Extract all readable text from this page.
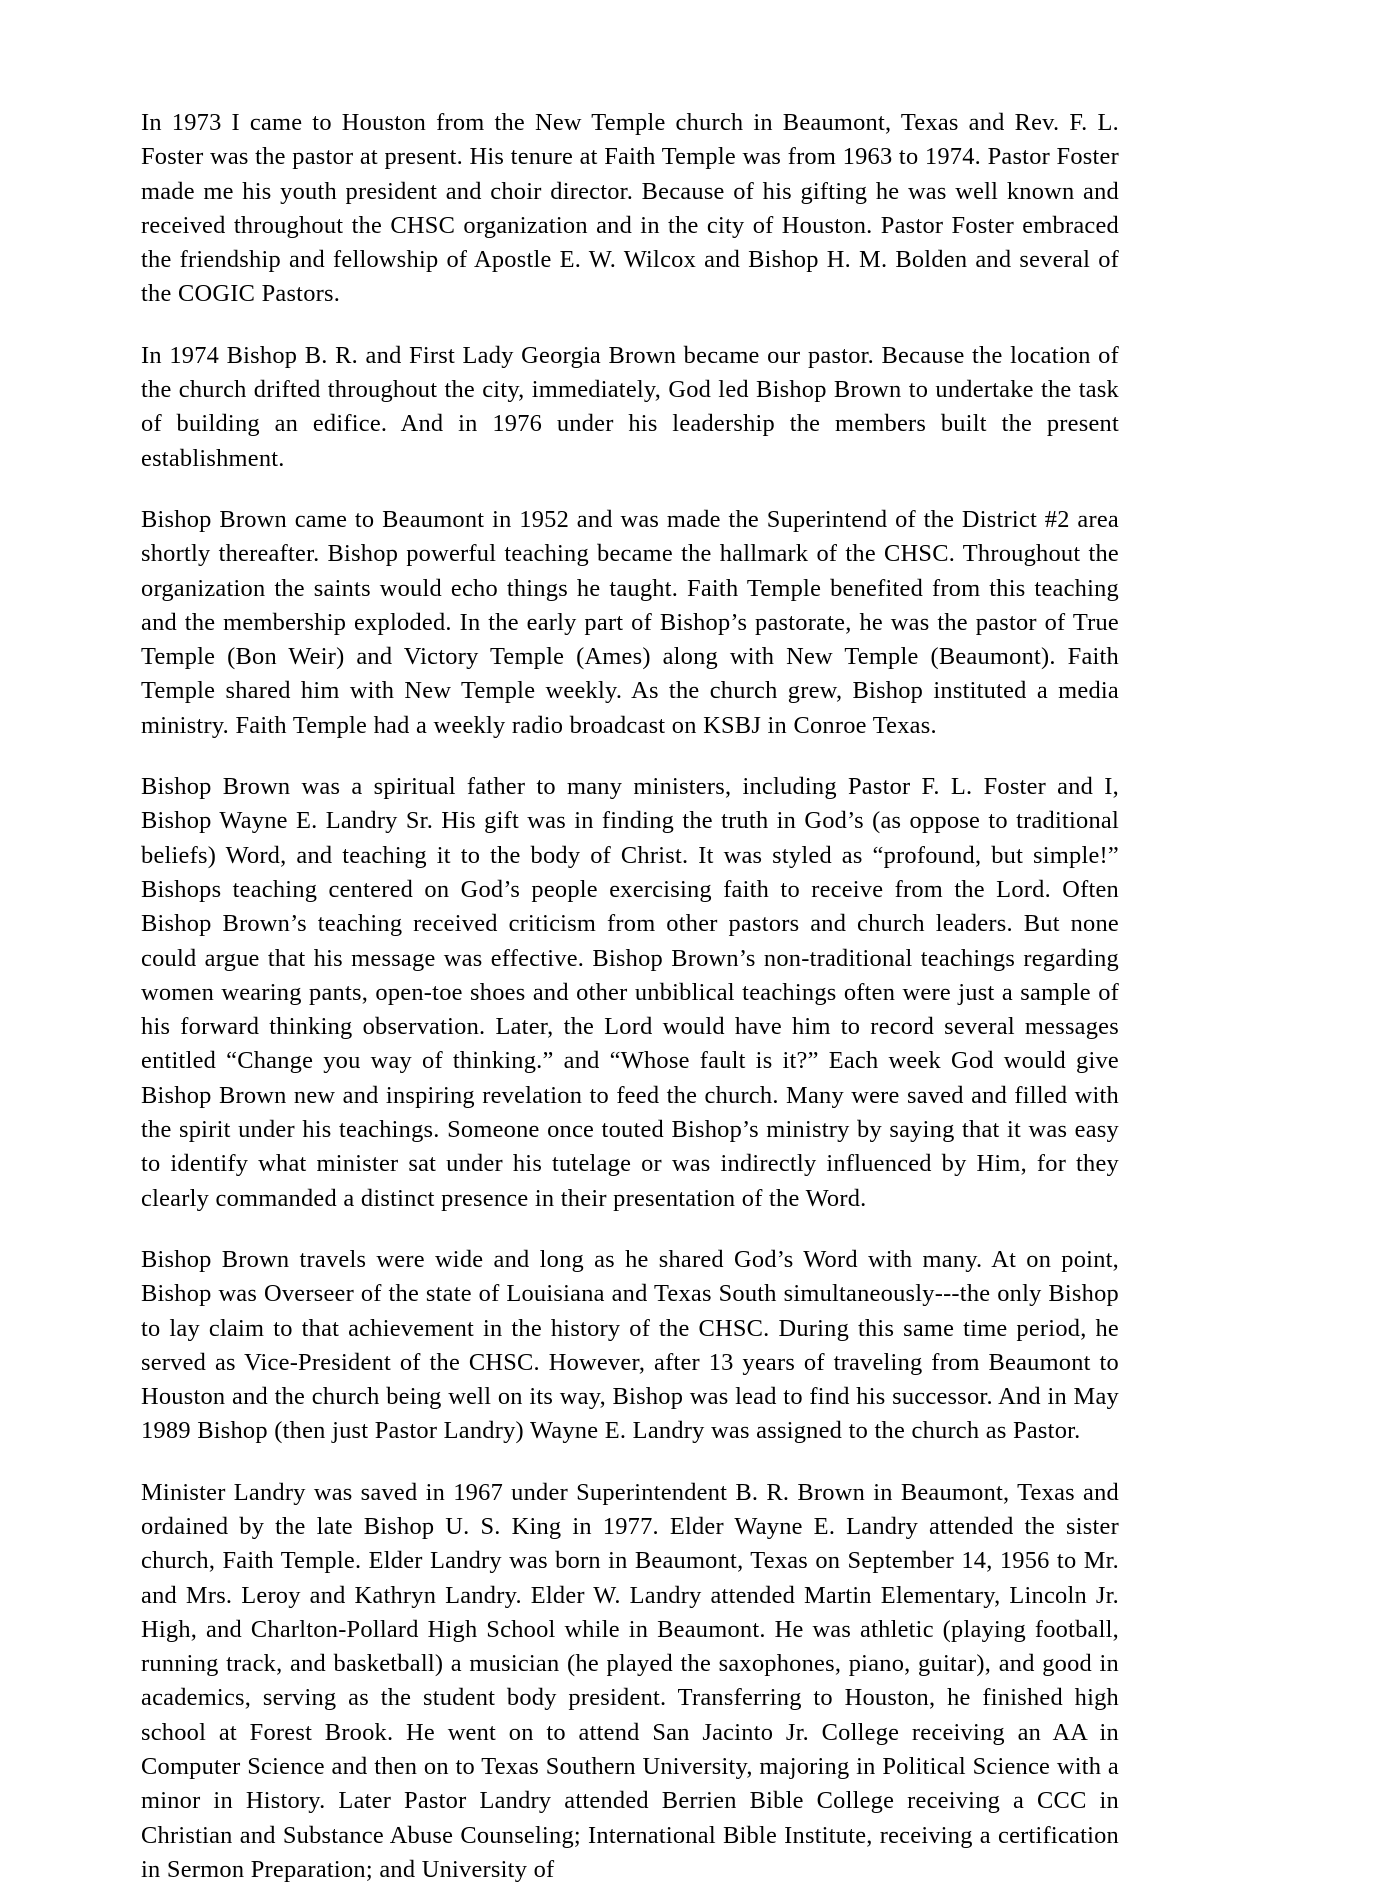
In 1973 I came to Houston from the New Temple church in Beaumont, Texas and Rev. F. L. Foster was the pastor at present. His tenure at Faith Temple was from 1963 to 1974. Pastor Foster made me his youth president and choir director. Because of his gifting he was well known and received throughout the CHSC organization and in the city of Houston. Pastor Foster embraced the friendship and fellowship of Apostle E. W. Wilcox and Bishop H. M. Bolden and several of the COGIC Pastors.

In 1974 Bishop B. R. and First Lady Georgia Brown became our pastor. Because the location of the church drifted throughout the city, immediately, God led Bishop Brown to undertake the task of building an edifice. And in 1976 under his leadership the members built the present establishment.

Bishop Brown came to Beaumont in 1952 and was made the Superintend of the District #2 area shortly thereafter. Bishop powerful teaching became the hallmark of the CHSC. Throughout the organization the saints would echo things he taught. Faith Temple benefited from this teaching and the membership exploded. In the early part of Bishop’s pastorate, he was the pastor of True Temple (Bon Weir) and Victory Temple (Ames) along with New Temple (Beaumont). Faith Temple shared him with New Temple weekly. As the church grew, Bishop instituted a media ministry. Faith Temple had a weekly radio broadcast on KSBJ in Conroe Texas.

Bishop Brown was a spiritual father to many ministers, including Pastor F. L. Foster and I, Bishop Wayne E. Landry Sr. His gift was in finding the truth in God’s (as oppose to traditional beliefs) Word, and teaching it to the body of Christ. It was styled as “profound, but simple!” Bishops teaching centered on God’s people exercising faith to receive from the Lord. Often Bishop Brown’s teaching received criticism from other pastors and church leaders. But none could argue that his message was effective. Bishop Brown’s non-traditional teachings regarding women wearing pants, open-toe shoes and other unbiblical teachings often were just a sample of his forward thinking observation. Later, the Lord would have him to record several messages entitled “Change you way of thinking.” and “Whose fault is it?” Each week God would give Bishop Brown new and inspiring revelation to feed the church. Many were saved and filled with the spirit under his teachings. Someone once touted Bishop’s ministry by saying that it was easy to identify what minister sat under his tutelage or was indirectly influenced by Him, for they clearly commanded a distinct presence in their presentation of the Word.

Bishop Brown travels were wide and long as he shared God’s Word with many. At on point, Bishop was Overseer of the state of Louisiana and Texas South simultaneously---the only Bishop to lay claim to that achievement in the history of the CHSC. During this same time period, he served as Vice-President of the CHSC. However, after 13 years of traveling from Beaumont to Houston and the church being well on its way, Bishop was lead to find his successor. And in May 1989 Bishop (then just Pastor Landry) Wayne E. Landry was assigned to the church as Pastor.

Minister Landry was saved in 1967 under Superintendent B. R. Brown in Beaumont, Texas and ordained by the late Bishop U. S. King in 1977. Elder Wayne E. Landry attended the sister church, Faith Temple. Elder Landry was born in Beaumont, Texas on September 14, 1956 to Mr. and Mrs. Leroy and Kathryn Landry. Elder W. Landry attended Martin Elementary, Lincoln Jr. High, and Charlton-Pollard High School while in Beaumont. He was athletic (playing football, running track, and basketball) a musician (he played the saxophones, piano, guitar), and good in academics, serving as the student body president. Transferring to Houston, he finished high school at Forest Brook. He went on to attend San Jacinto Jr. College receiving an AA in Computer Science and then on to Texas Southern University, majoring in Political Science with a minor in History. Later Pastor Landry attended Berrien Bible College receiving a CCC in Christian and Substance Abuse Counseling; International Bible Institute, receiving a certification in Sermon Preparation; and University of
